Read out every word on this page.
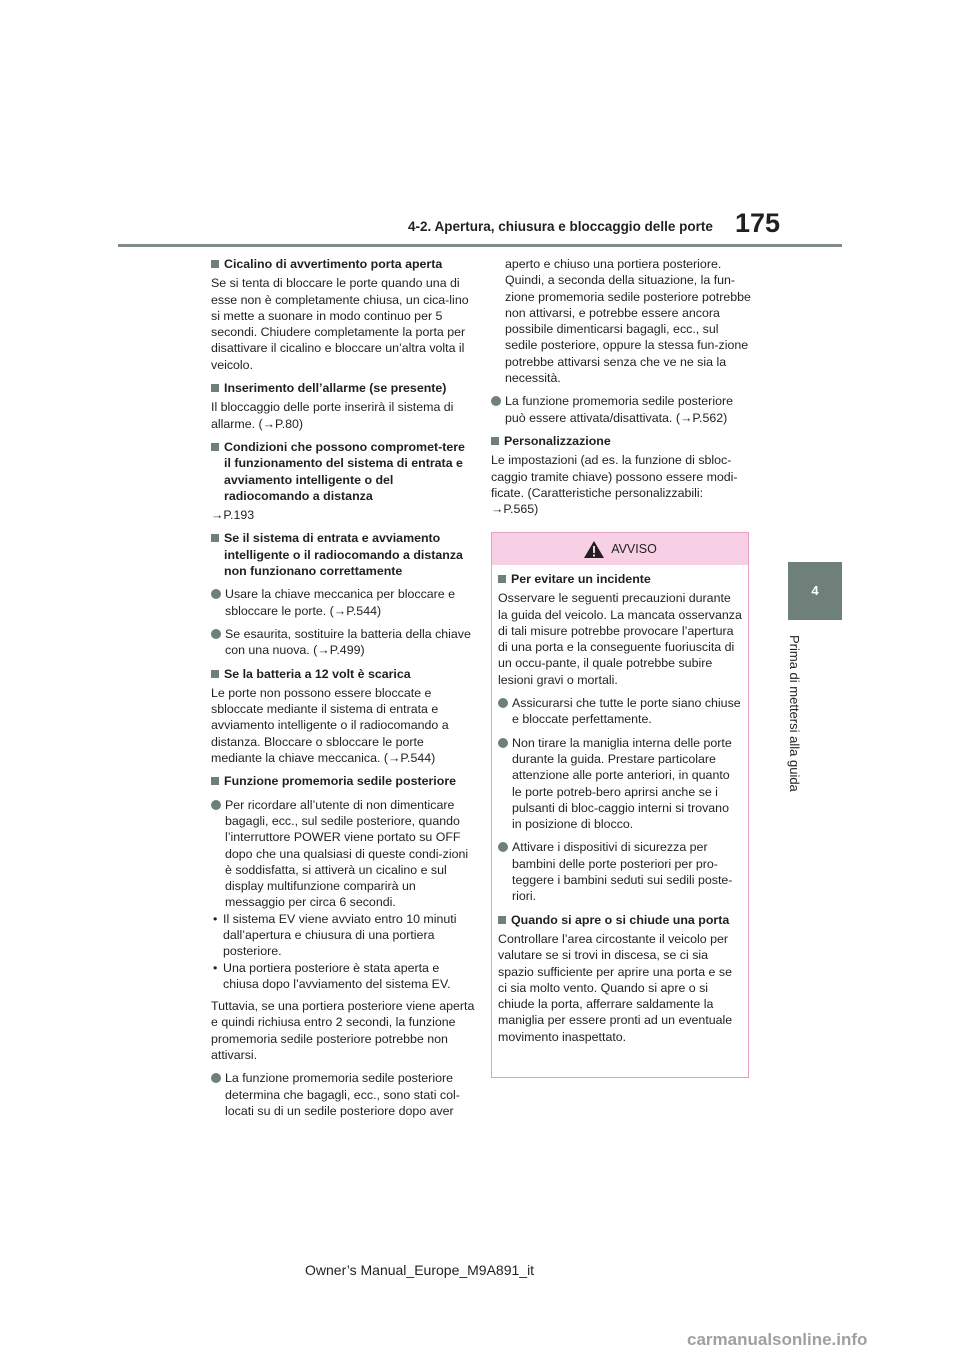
4-2. Apertura, chiusura e bloccaggio delle porte 175
4
Prima di mettersi alla guida
Cicalino di avvertimento porta aperta
Se si tenta di bloccare le porte quando una di esse non è completamente chiusa, un cica-lino si mette a suonare in modo continuo per 5 secondi. Chiudere completamente la porta per disattivare il cicalino e bloccare un’altra volta il veicolo.
Inserimento dell’allarme (se presente)
Il bloccaggio delle porte inserirà il sistema di allarme. (→P.80)
Condizioni che possono compromet-tere il funzionamento del sistema di entrata e avviamento intelligente o del radiocomando a distanza
→P.193
Se il sistema di entrata e avviamento intelligente o il radiocomando a distanza non funzionano correttamente
Usare la chiave meccanica per bloccare e sbloccare le porte. (→P.544)
Se esaurita, sostituire la batteria della chiave con una nuova. (→P.499)
Se la batteria a 12 volt è scarica
Le porte non possono essere bloccate e sbloccate mediante il sistema di entrata e avviamento intelligente o il radiocomando a distanza. Bloccare o sbloccare le porte mediante la chiave meccanica. (→P.544)
Funzione promemoria sedile posteriore
Per ricordare all’utente di non dimenticare bagagli, ecc., sul sedile posteriore, quando l’interruttore POWER viene portato su OFF dopo che una qualsiasi di queste condi-zioni è soddisfatta, si attiverà un cicalino e sul display multifunzione comparirà un messaggio per circa 6 secondi.
• Il sistema EV viene avviato entro 10 minuti dall’apertura e chiusura di una portiera posteriore.
• Una portiera posteriore è stata aperta e chiusa dopo l’avviamento del sistema EV.
Tuttavia, se una portiera posteriore viene aperta e quindi richiusa entro 2 secondi, la funzione promemoria sedile posteriore potrebbe non attivarsi.
La funzione promemoria sedile posteriore determina che bagagli, ecc., sono stati col-locati su di un sedile posteriore dopo aver
aperto e chiuso una portiera posteriore. Quindi, a seconda della situazione, la fun-zione promemoria sedile posteriore potrebbe non attivarsi, e potrebbe essere ancora possibile dimenticarsi bagagli, ecc., sul sedile posteriore, oppure la stessa fun-zione potrebbe attivarsi senza che ve ne sia la necessità.
La funzione promemoria sedile posteriore può essere attivata/disattivata. (→P.562)
Personalizzazione
Le impostazioni (ad es. la funzione di sbloc-caggio tramite chiave) possono essere modi-ficate. (Caratteristiche personalizzabili: →P.565)
AVVISO
Per evitare un incidente
Osservare le seguenti precauzioni durante la guida del veicolo. La mancata osservanza di tali misure potrebbe provocare l’apertura di una porta e la conseguente fuoriuscita di un occu-pante, il quale potrebbe subire lesioni gravi o mortali.
Assicurarsi che tutte le porte siano chiuse e bloccate perfettamente.
Non tirare la maniglia interna delle porte durante la guida. Prestare particolare attenzione alle porte anteriori, in quanto le porte potreb-bero aprirsi anche se i pulsanti di bloc-caggio interni si trovano in posizione di blocco.
Attivare i dispositivi di sicurezza per bambini delle porte posteriori per pro-teggere i bambini seduti sui sedili poste-riori.
Quando si apre o si chiude una porta
Controllare l’area circostante il veicolo per valutare se si trovi in discesa, se ci sia spazio sufficiente per aprire una porta e se ci sia molto vento. Quando si apre o si chiude la porta, afferrare saldamente la maniglia per essere pronti ad un eventuale movimento inaspettato.
Owner’s Manual_Europe_M9A891_it
carmanualsonline.info
